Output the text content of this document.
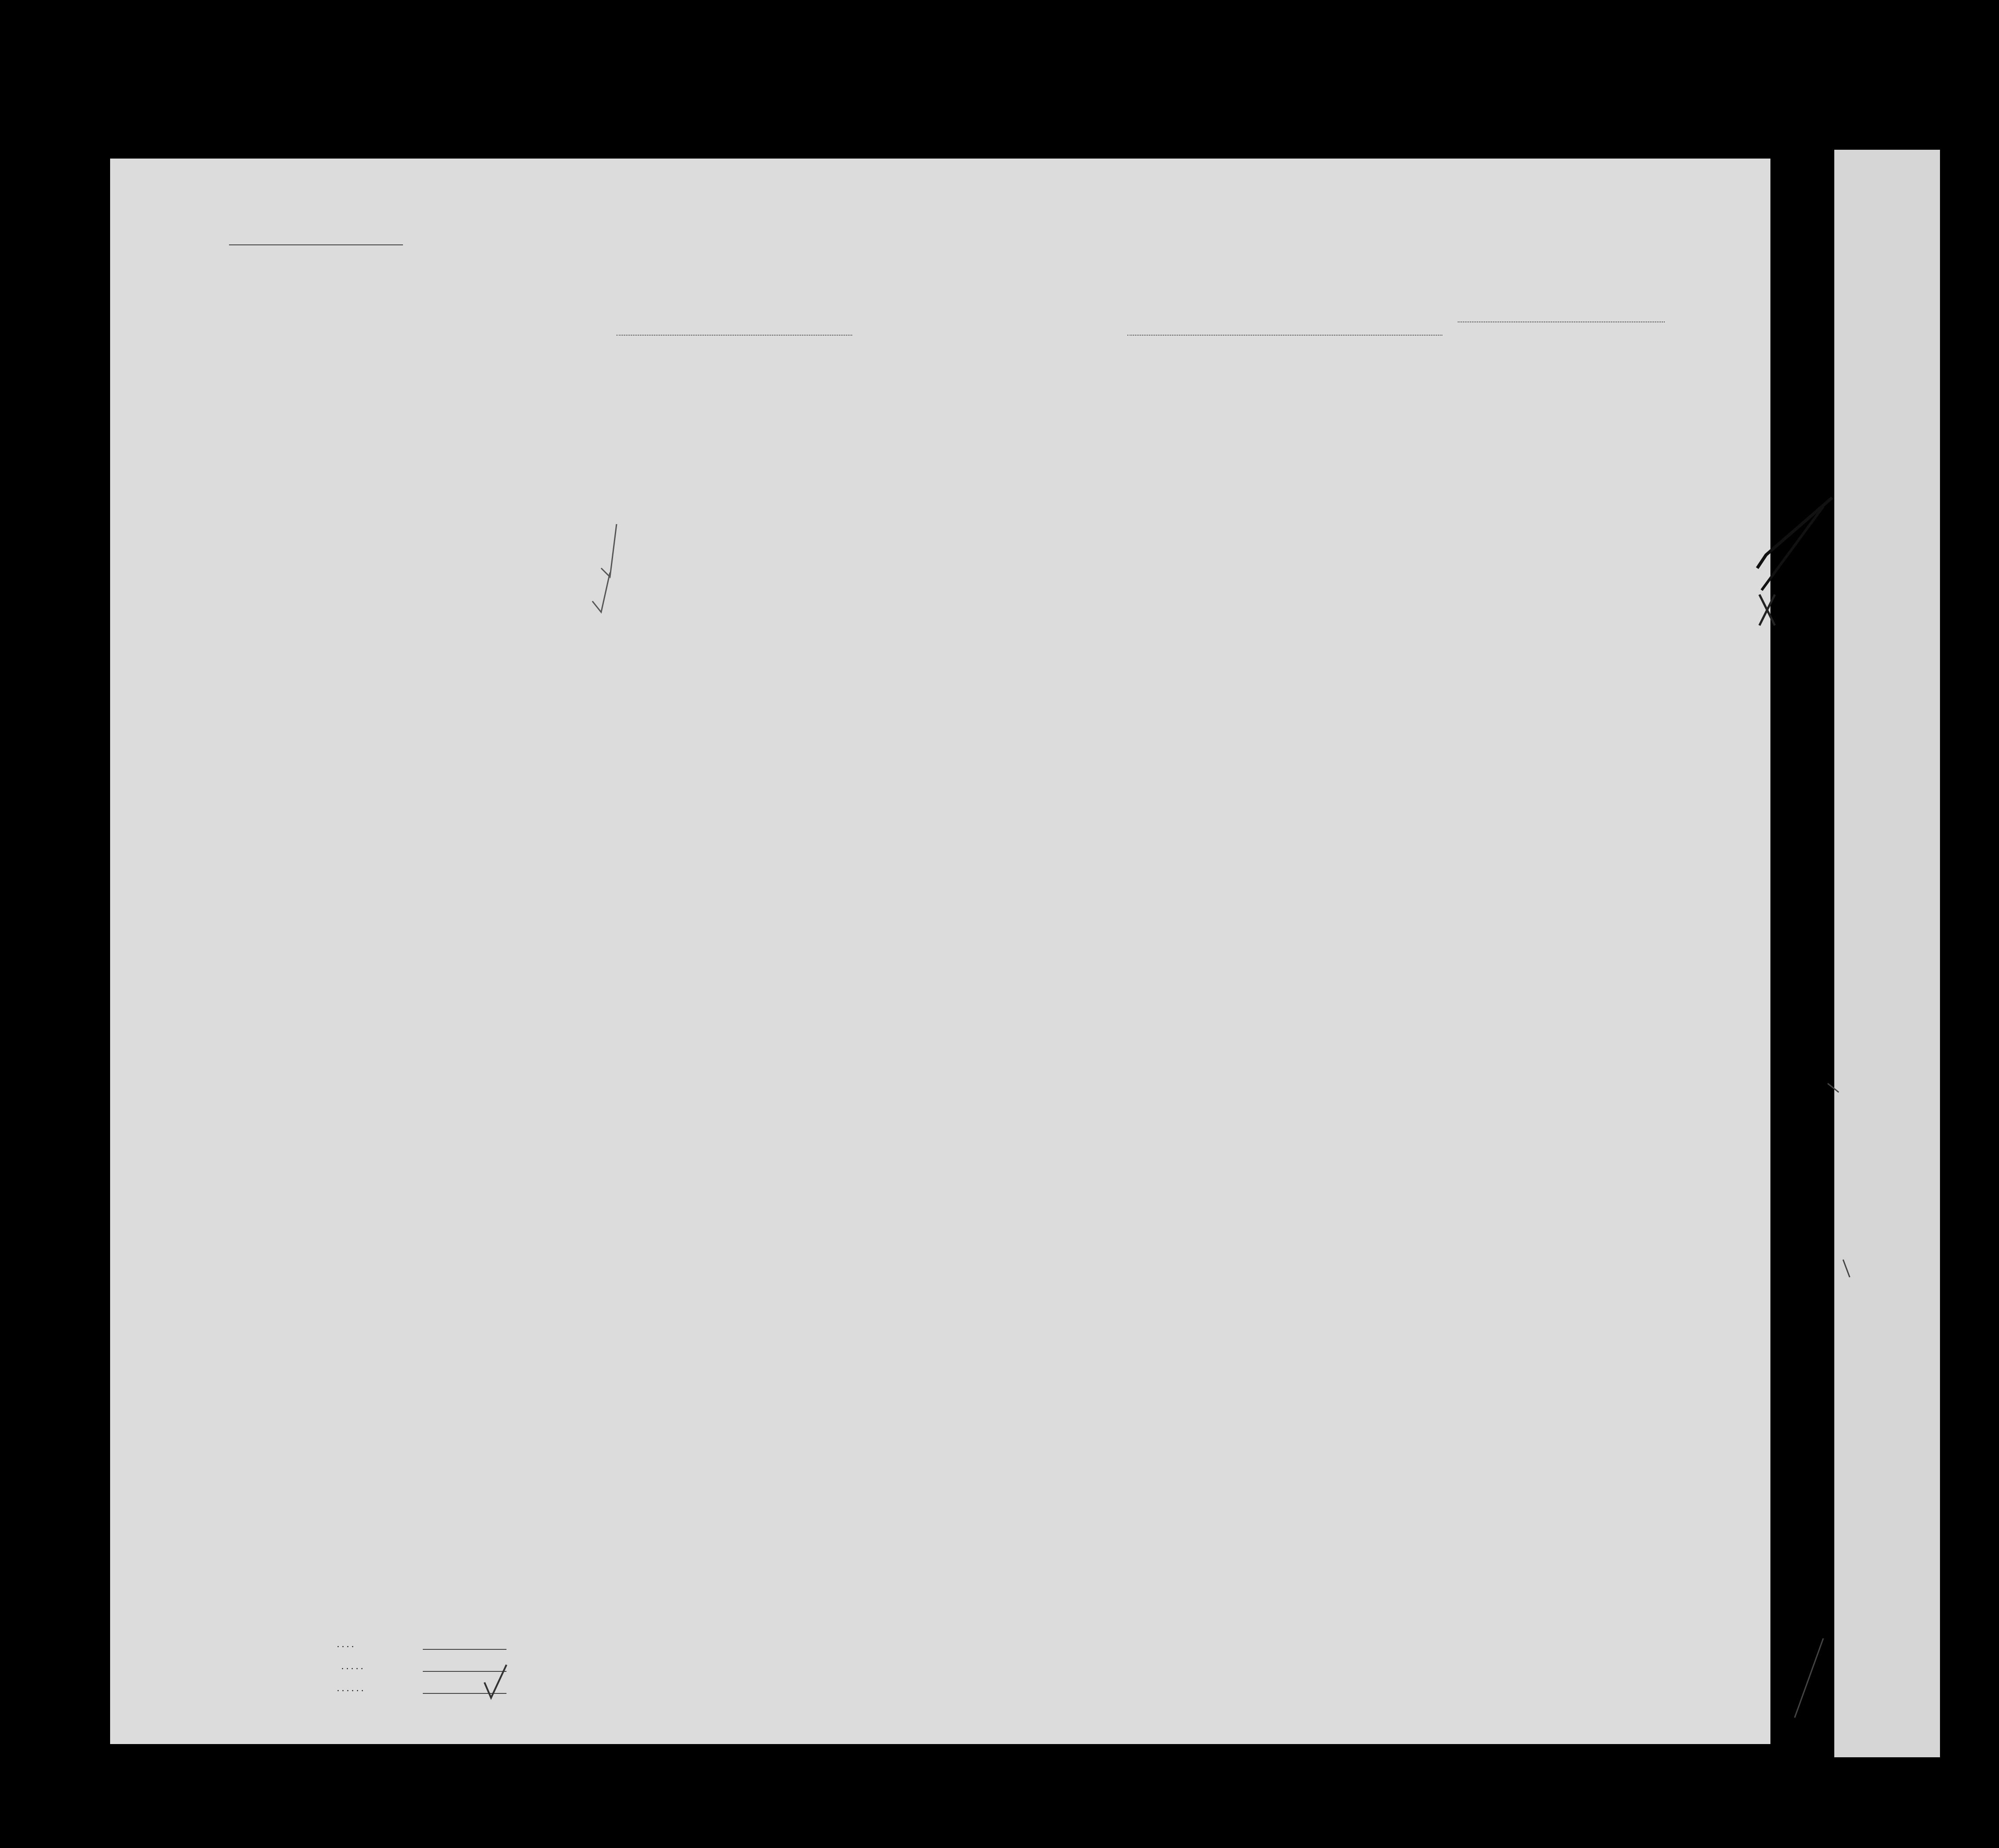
. . . .
. . . . .
. . . . . .
